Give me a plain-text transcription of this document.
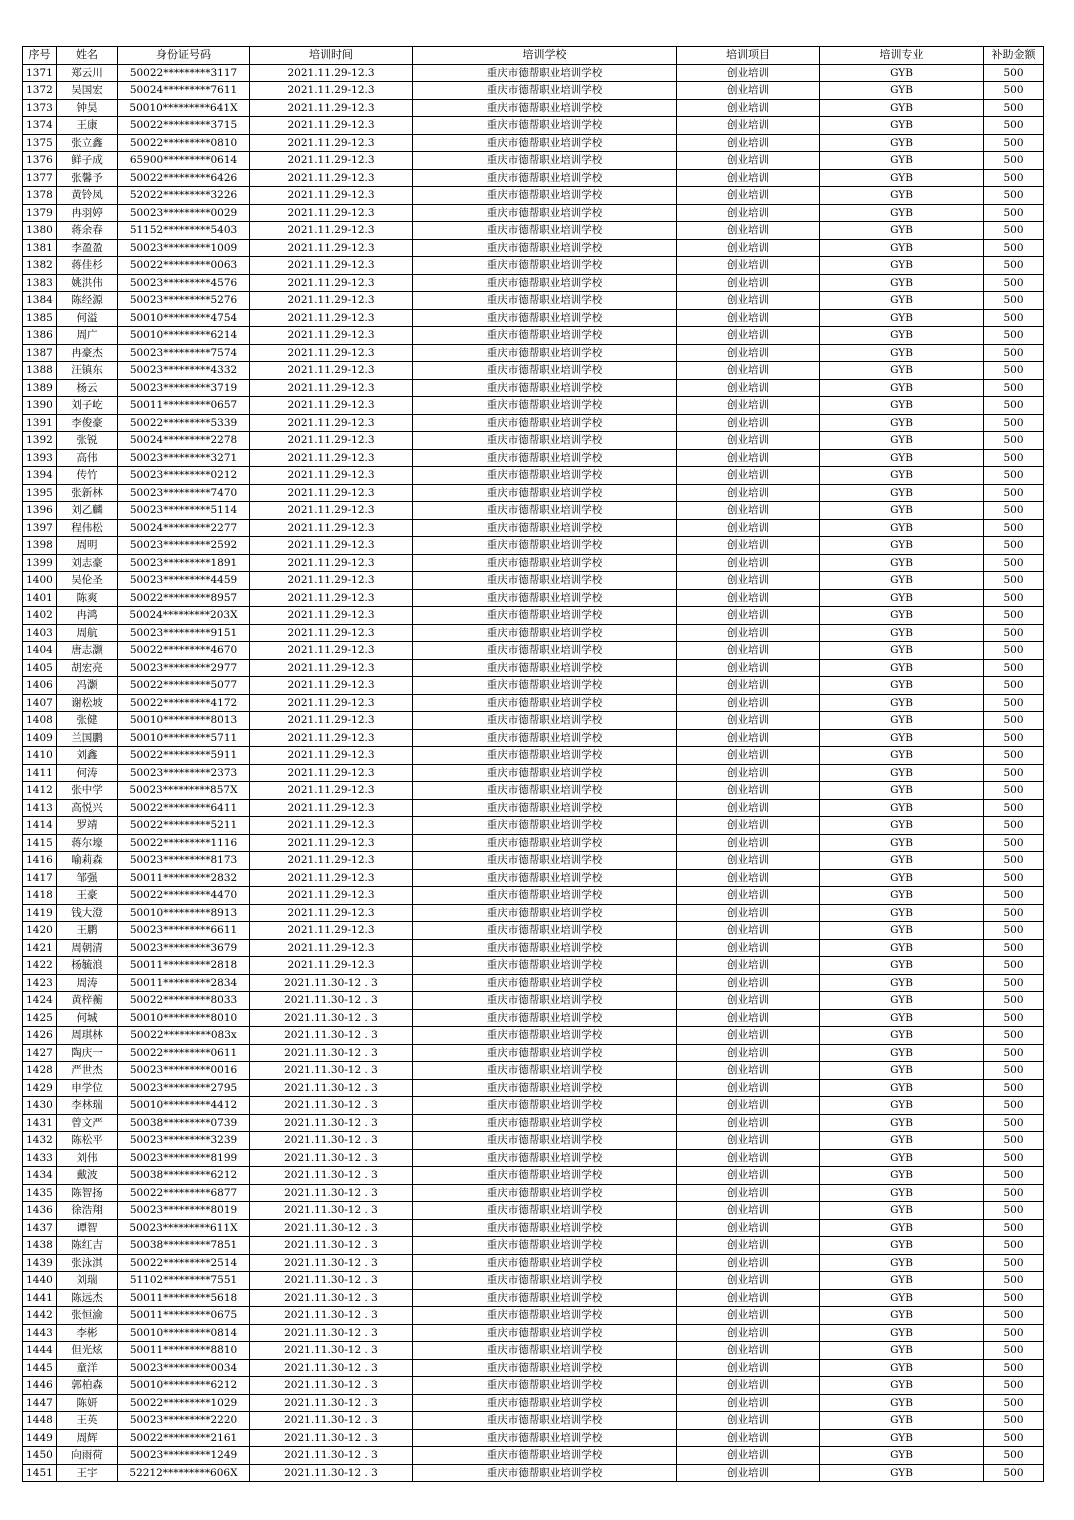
序号	姓名	身份证号码	培训时间	培训学校	培训项目	培训专业	补助金额
1371	郑云川	50022*********3117	2021.11.29-12.3	重庆市德帮职业培训学校	创业培训	GYB	500
1372	吴国宏	50024*********7611	2021.11.29-12.3	重庆市德帮职业培训学校	创业培训	GYB	500
1373	钟昊	50010*********641X	2021.11.29-12.3	重庆市德帮职业培训学校	创业培训	GYB	500
1374	王康	50022*********3715	2021.11.29-12.3	重庆市德帮职业培训学校	创业培训	GYB	500
1375	张立鑫	50022*********0810	2021.11.29-12.3	重庆市德帮职业培训学校	创业培训	GYB	500
1376	鲜子成	65900*********0614	2021.11.29-12.3	重庆市德帮职业培训学校	创业培训	GYB	500
1377	张馨予	50022*********6426	2021.11.29-12.3	重庆市德帮职业培训学校	创业培训	GYB	500
1378	黄铃凤	52022*********3226	2021.11.29-12.3	重庆市德帮职业培训学校	创业培训	GYB	500
1379	冉羽婷	50023*********0029	2021.11.29-12.3	重庆市德帮职业培训学校	创业培训	GYB	500
1380	蒋余春	51152*********5403	2021.11.29-12.3	重庆市德帮职业培训学校	创业培训	GYB	500
1381	李盈盈	50023*********1009	2021.11.29-12.3	重庆市德帮职业培训学校	创业培训	GYB	500
1382	蒋佳杉	50022*********0063	2021.11.29-12.3	重庆市德帮职业培训学校	创业培训	GYB	500
1383	姚洪伟	50023*********4576	2021.11.29-12.3	重庆市德帮职业培训学校	创业培训	GYB	500
1384	陈经源	50023*********5276	2021.11.29-12.3	重庆市德帮职业培训学校	创业培训	GYB	500
1385	何溢	50010*********4754	2021.11.29-12.3	重庆市德帮职业培训学校	创业培训	GYB	500
1386	周广	50010*********6214	2021.11.29-12.3	重庆市德帮职业培训学校	创业培训	GYB	500
1387	冉豪杰	50023*********7574	2021.11.29-12.3	重庆市德帮职业培训学校	创业培训	GYB	500
1388	汪镇东	50023*********4332	2021.11.29-12.3	重庆市德帮职业培训学校	创业培训	GYB	500
1389	杨云	50023*********3719	2021.11.29-12.3	重庆市德帮职业培训学校	创业培训	GYB	500
1390	刘子屹	50011*********0657	2021.11.29-12.3	重庆市德帮职业培训学校	创业培训	GYB	500
1391	李俊豪	50022*********5339	2021.11.29-12.3	重庆市德帮职业培训学校	创业培训	GYB	500
1392	张锐	50024*********2278	2021.11.29-12.3	重庆市德帮职业培训学校	创业培训	GYB	500
1393	高伟	50023*********3271	2021.11.29-12.3	重庆市德帮职业培训学校	创业培训	GYB	500
1394	传竹	50023*********0212	2021.11.29-12.3	重庆市德帮职业培训学校	创业培训	GYB	500
1395	张新林	50023*********7470	2021.11.29-12.3	重庆市德帮职业培训学校	创业培训	GYB	500
1396	刘乙麟	50023*********5114	2021.11.29-12.3	重庆市德帮职业培训学校	创业培训	GYB	500
1397	程伟松	50024*********2277	2021.11.29-12.3	重庆市德帮职业培训学校	创业培训	GYB	500
1398	周明	50023*********2592	2021.11.29-12.3	重庆市德帮职业培训学校	创业培训	GYB	500
1399	刘志豪	50023*********1891	2021.11.29-12.3	重庆市德帮职业培训学校	创业培训	GYB	500
1400	吴伦圣	50023*********4459	2021.11.29-12.3	重庆市德帮职业培训学校	创业培训	GYB	500
1401	陈爽	50022*********8957	2021.11.29-12.3	重庆市德帮职业培训学校	创业培训	GYB	500
1402	冉鸿	50024*********203X	2021.11.29-12.3	重庆市德帮职业培训学校	创业培训	GYB	500
1403	周航	50023*********9151	2021.11.29-12.3	重庆市德帮职业培训学校	创业培训	GYB	500
1404	唐志灏	50022*********4670	2021.11.29-12.3	重庆市德帮职业培训学校	创业培训	GYB	500
1405	胡宏亮	50023*********2977	2021.11.29-12.3	重庆市德帮职业培训学校	创业培训	GYB	500
1406	冯灏	50022*********5077	2021.11.29-12.3	重庆市德帮职业培训学校	创业培训	GYB	500
1407	谢松坡	50022*********4172	2021.11.29-12.3	重庆市德帮职业培训学校	创业培训	GYB	500
1408	张健	50010*********8013	2021.11.29-12.3	重庆市德帮职业培训学校	创业培训	GYB	500
1409	兰国鹏	50010*********5711	2021.11.29-12.3	重庆市德帮职业培训学校	创业培训	GYB	500
1410	刘鑫	50022*********5911	2021.11.29-12.3	重庆市德帮职业培训学校	创业培训	GYB	500
1411	何涛	50023*********2373	2021.11.29-12.3	重庆市德帮职业培训学校	创业培训	GYB	500
1412	张中学	50023*********857X	2021.11.29-12.3	重庆市德帮职业培训学校	创业培训	GYB	500
1413	高悦兴	50022*********6411	2021.11.29-12.3	重庆市德帮职业培训学校	创业培训	GYB	500
1414	罗靖	50022*********5211	2021.11.29-12.3	重庆市德帮职业培训学校	创业培训	GYB	500
1415	蒋尔壕	50022*********1116	2021.11.29-12.3	重庆市德帮职业培训学校	创业培训	GYB	500
1416	喻莉森	50023*********8173	2021.11.29-12.3	重庆市德帮职业培训学校	创业培训	GYB	500
1417	邹强	50011*********2832	2021.11.29-12.3	重庆市德帮职业培训学校	创业培训	GYB	500
1418	王豪	50022*********4470	2021.11.29-12.3	重庆市德帮职业培训学校	创业培训	GYB	500
1419	钱大澄	50010*********8913	2021.11.29-12.3	重庆市德帮职业培训学校	创业培训	GYB	500
1420	王鹏	50023*********6611	2021.11.29-12.3	重庆市德帮职业培训学校	创业培训	GYB	500
1421	周朝清	50023*********3679	2021.11.29-12.3	重庆市德帮职业培训学校	创业培训	GYB	500
1422	杨毓浪	50011*********2818	2021.11.29-12.3	重庆市德帮职业培训学校	创业培训	GYB	500
1423	周涛	50011*********2834	2021.11.30-12 . 3	重庆市德帮职业培训学校	创业培训	GYB	500
1424	黄梓蘅	50022*********8033	2021.11.30-12 . 3	重庆市德帮职业培训学校	创业培训	GYB	500
1425	何城	50010*********8010	2021.11.30-12 . 3	重庆市德帮职业培训学校	创业培训	GYB	500
1426	周琪林	50022*********083x	2021.11.30-12 . 3	重庆市德帮职业培训学校	创业培训	GYB	500
1427	陶庆一	50022*********0611	2021.11.30-12 . 3	重庆市德帮职业培训学校	创业培训	GYB	500
1428	严世杰	50023*********0016	2021.11.30-12 . 3	重庆市德帮职业培训学校	创业培训	GYB	500
1429	申学位	50023*********2795	2021.11.30-12 . 3	重庆市德帮职业培训学校	创业培训	GYB	500
1430	李林瑞	50010*********4412	2021.11.30-12 . 3	重庆市德帮职业培训学校	创业培训	GYB	500
1431	曾文严	50038*********0739	2021.11.30-12 . 3	重庆市德帮职业培训学校	创业培训	GYB	500
1432	陈松平	50023*********3239	2021.11.30-12 . 3	重庆市德帮职业培训学校	创业培训	GYB	500
1433	刘伟	50023*********8199	2021.11.30-12 . 3	重庆市德帮职业培训学校	创业培训	GYB	500
1434	戴波	50038*********6212	2021.11.30-12 . 3	重庆市德帮职业培训学校	创业培训	GYB	500
1435	陈智扬	50022*********6877	2021.11.30-12 . 3	重庆市德帮职业培训学校	创业培训	GYB	500
1436	徐浩翔	50023*********8019	2021.11.30-12 . 3	重庆市德帮职业培训学校	创业培训	GYB	500
1437	谭智	50023*********611X	2021.11.30-12 . 3	重庆市德帮职业培训学校	创业培训	GYB	500
1438	陈红吉	50038*********7851	2021.11.30-12 . 3	重庆市德帮职业培训学校	创业培训	GYB	500
1439	张泳淇	50022*********2514	2021.11.30-12 . 3	重庆市德帮职业培训学校	创业培训	GYB	500
1440	刘瑞	51102*********7551	2021.11.30-12 . 3	重庆市德帮职业培训学校	创业培训	GYB	500
1441	陈远杰	50011*********5618	2021.11.30-12 . 3	重庆市德帮职业培训学校	创业培训	GYB	500
1442	张恒渝	50011*********0675	2021.11.30-12 . 3	重庆市德帮职业培训学校	创业培训	GYB	500
1443	李彬	50010*********0814	2021.11.30-12 . 3	重庆市德帮职业培训学校	创业培训	GYB	500
1444	但光炫	50011*********8810	2021.11.30-12 . 3	重庆市德帮职业培训学校	创业培训	GYB	500
1445	童洋	50023*********0034	2021.11.30-12 . 3	重庆市德帮职业培训学校	创业培训	GYB	500
1446	郭柏森	50010*********6212	2021.11.30-12 . 3	重庆市德帮职业培训学校	创业培训	GYB	500
1447	陈妍	50022*********1029	2021.11.30-12 . 3	重庆市德帮职业培训学校	创业培训	GYB	500
1448	王英	50023*********2220	2021.11.30-12 . 3	重庆市德帮职业培训学校	创业培训	GYB	500
1449	周辉	50022*********2161	2021.11.30-12 . 3	重庆市德帮职业培训学校	创业培训	GYB	500
1450	向雨荷	50023*********1249	2021.11.30-12 . 3	重庆市德帮职业培训学校	创业培训	GYB	500
1451	王宇	52212*********606X	2021.11.30-12 . 3	重庆市德帮职业培训学校	创业培训	GYB	500
